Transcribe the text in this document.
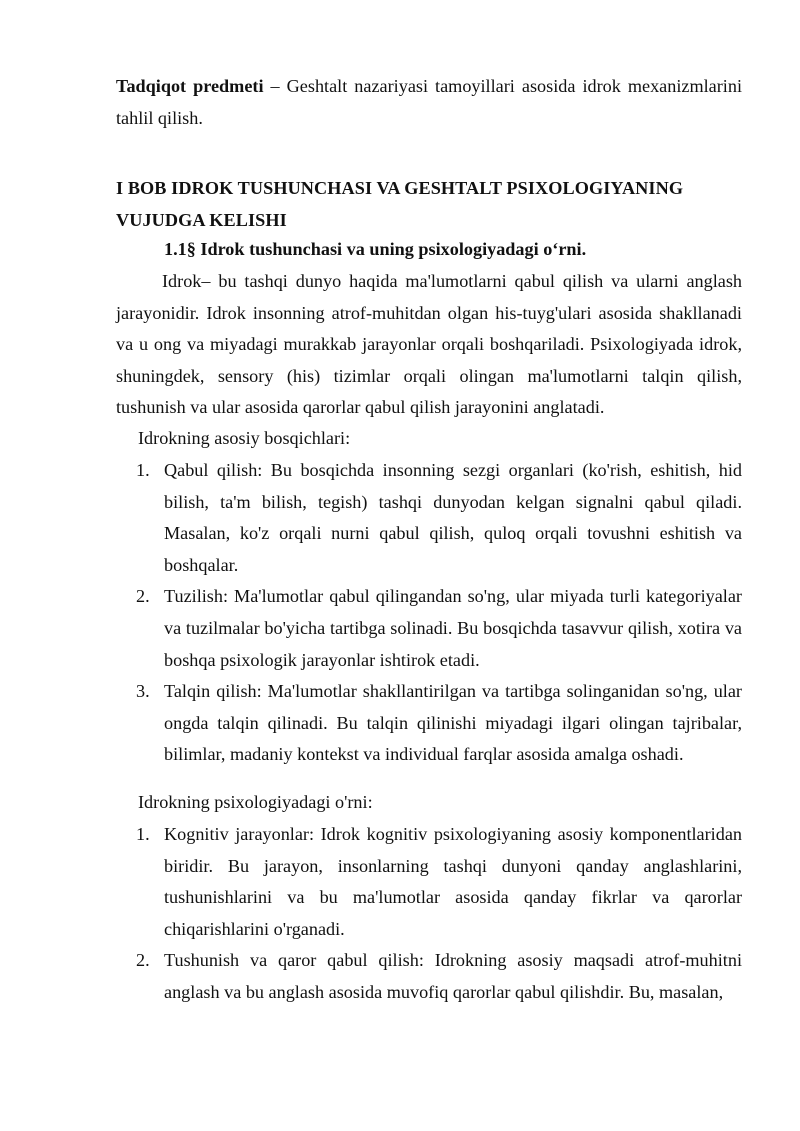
Tadqiqot predmeti – Geshtalt nazariyasi tamoyillari asosida idrok mexanizmlarini tahlil qilish.

I BOB IDROK TUSHUNCHASI VA GESHTALT PSIXOLOGIYANING VUJUDGA KELISHI

1.1§ Idrok tushunchasi va uning psixologiyadagi o‘rni.

Idrok– bu tashqi dunyo haqida ma'lumotlarni qabul qilish va ularni anglash jarayonidir. Idrok insonning atrof-muhitdan olgan his-tuyg'ulari asosida shakllanadi va u ong va miyadagi murakkab jarayonlar orqali boshqariladi. Psixologiyada idrok, shuningdek, sensory (his) tizimlar orqali olingan ma'lumotlarni talqin qilish, tushunish va ular asosida qarorlar qabul qilish jarayonini anglatadi.

Idrokning asosiy bosqichlari:

1. Qabul qilish: Bu bosqichda insonning sezgi organlari (ko'rish, eshitish, hid bilish, ta'm bilish, tegish) tashqi dunyodan kelgan signalni qabul qiladi. Masalan, ko'z orqali nurni qabul qilish, quloq orqali tovushni eshitish va boshqalar.
2. Tuzilish: Ma'lumotlar qabul qilingandan so'ng, ular miyada turli kategoriyalar va tuzilmalar bo'yicha tartibga solinadi. Bu bosqichda tasavvur qilish, xotira va boshqa psixologik jarayonlar ishtirok etadi.
3. Talqin qilish: Ma'lumotlar shakllantirilgan va tartibga solinganidan so'ng, ular ongda talqin qilinadi. Bu talqin qilinishi miyadagi ilgari olingan tajribalar, bilimlar, madaniy kontekst va individual farqlar asosida amalga oshadi.

Idrokning psixologiyadagi o'rni:

1. Kognitiv jarayonlar: Idrok kognitiv psixologiyaning asosiy komponentlaridan biridir. Bu jarayon, insonlarning tashqi dunyoni qanday anglashlarini, tushunishlarini va bu ma'lumotlar asosida qanday fikrlar va qarorlar chiqarishlarini o'rganadi.
2. Tushunish va qaror qabul qilish: Idrokning asosiy maqsadi atrof-muhitni anglash va bu anglash asosida muvofiq qarorlar qabul qilishdir. Bu, masalan,
